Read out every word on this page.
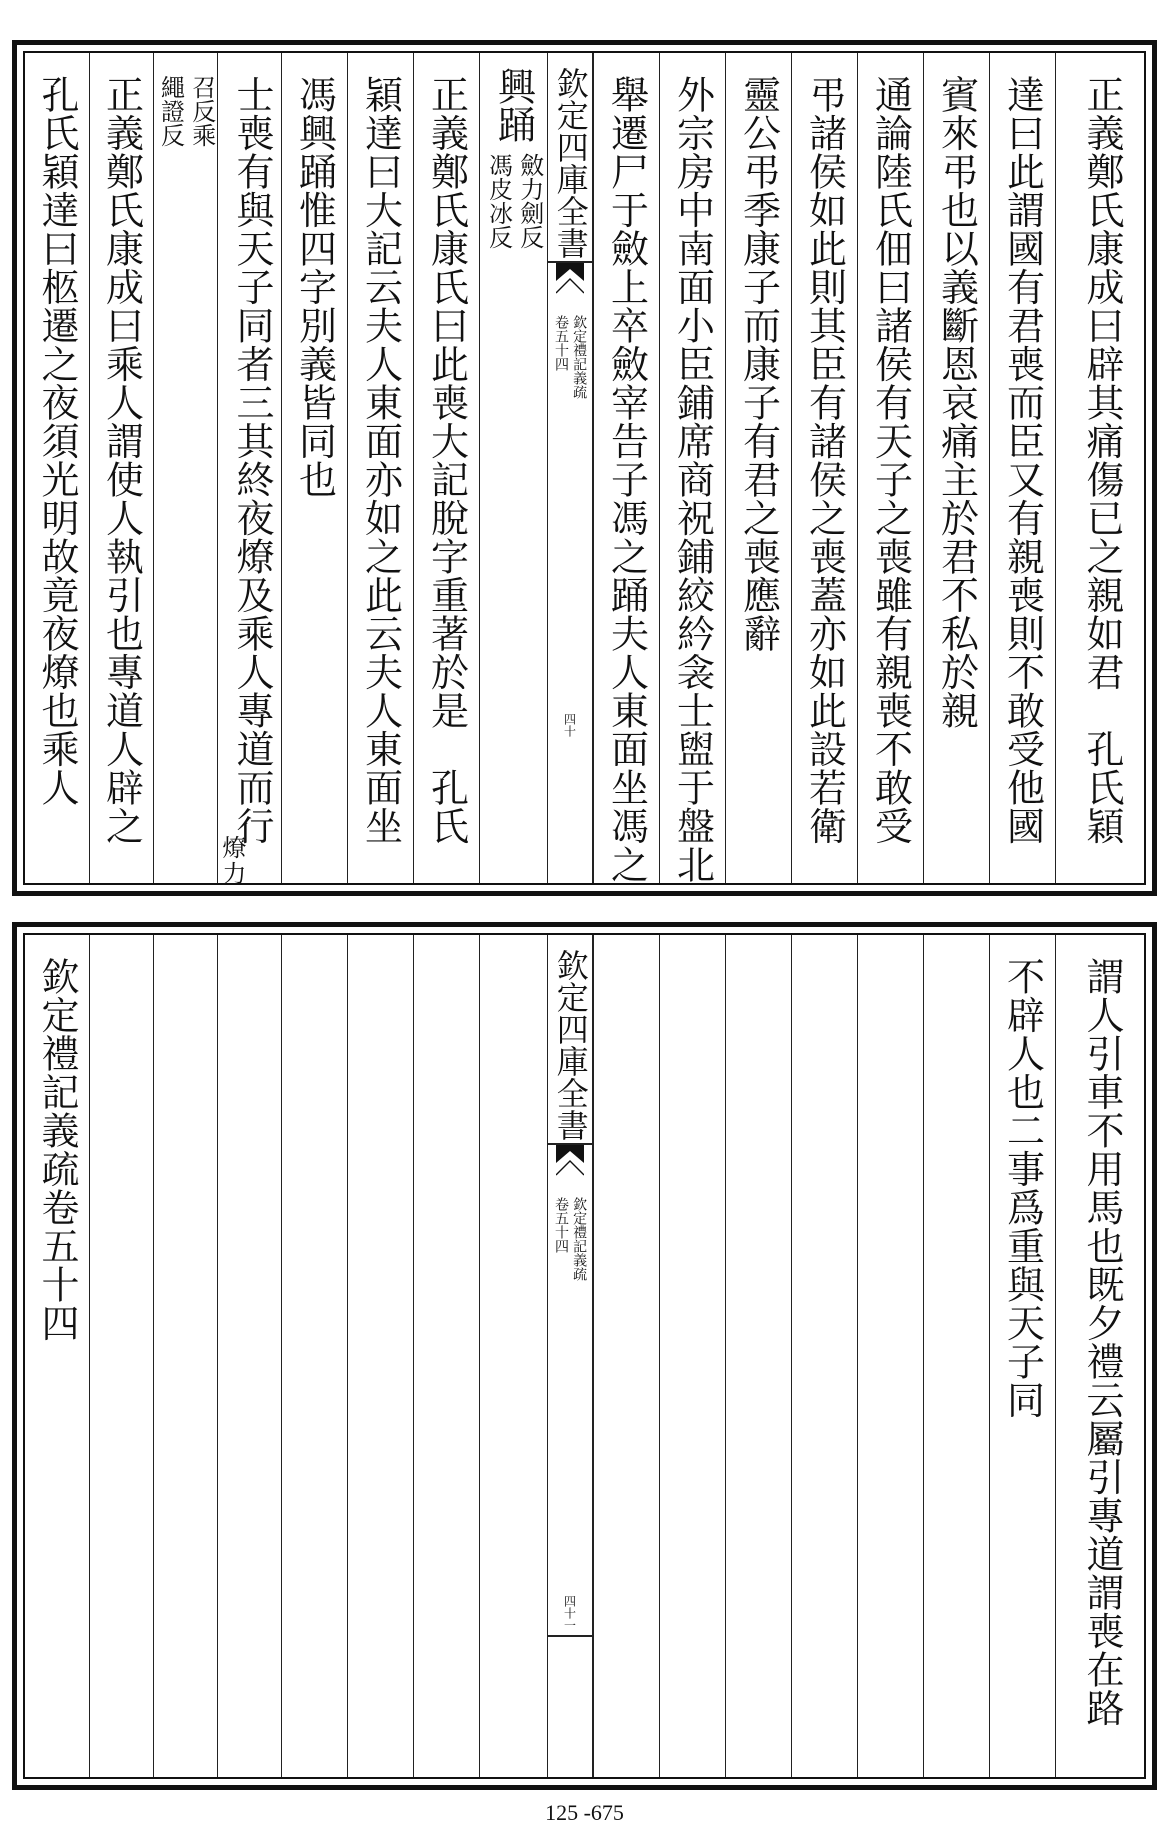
孔氏穎達曰柩遷之夜須光明故竟夜燎也乘人 正義鄭氏康成曰乘人謂使人執引也專道人辟之 召反乘
繩證反 士喪有與天子同者三其終夜燎及乘人專道而行
燎力
馮興踊惟四字別義皆同也 穎達曰大記云夫人東面亦如之此云夫人東面坐 正義鄭氏康氏曰此喪大記脫字重著於是　孔氏 興踊
斂力劍反
馮皮冰反 欽定四庫全書
欽定禮記義疏
卷五十四
四十 舉遷尸于斂上卒斂宰告子馮之踊夫人東面坐馮之 外宗房中南面小臣鋪席商祝鋪絞紟衾士盥于盤北 靈公弔季康子而康子有君之喪應辭 弔諸侯如此則其臣有諸侯之喪蓋亦如此設若衛 通論陸氏佃曰諸侯有天子之喪雖有親喪不敢受 賓來弔也以義斷恩哀痛主於君不私於親 達曰此謂國有君喪而臣又有親喪則不敢受他國 正義鄭氏康成曰辟其痛傷已之親如君　孔氏穎
欽定禮記義疏卷五十四	欽定四庫全書
欽定禮記義疏
卷五十四
四十一
不辟人也二事爲重與天子同 謂人引車不用馬也既夕禮云屬引專道謂喪在路
125 -675
